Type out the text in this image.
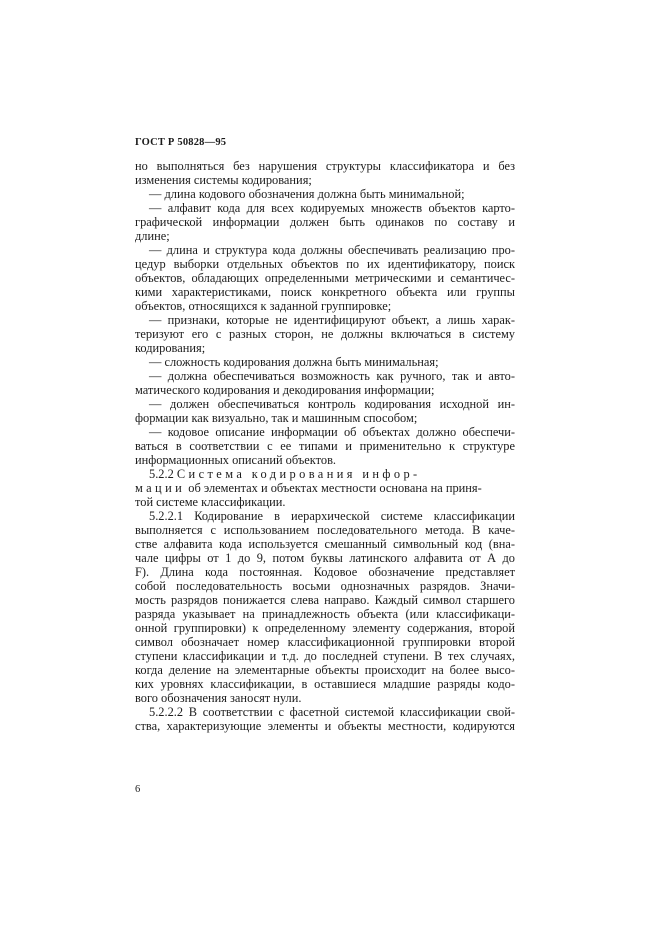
ГОСТ Р 50828—95
но выполняться без нарушения структуры классификатора и без
изменения системы кодирования;
— длина кодового обозначения должна быть минимальной;
— алфавит кода для всех кодируемых множеств объектов карто-
графической информации должен быть одинаков по составу и
длине;
— длина и структура кода должны обеспечивать реализацию про-
цедур выборки отдельных объектов по их идентификатору, поиск
объектов, обладающих определенными метрическими и семантичес-
кими характеристиками, поиск конкретного объекта или группы
объектов, относящихся к заданной группировке;
— признаки, которые не идентифицируют объект, а лишь харак-
теризуют его с разных сторон, не должны включаться в систему
кодирования;
— сложность кодирования должна быть минимальная;
— должна обеспечиваться возможность как ручного, так и авто-
матического кодирования и декодирования информации;
— должен обеспечиваться контроль кодирования исходной ин-
формации как визуально, так и машинным способом;
— кодовое описание информации об объектах должно обеспечи-
ваться в соответствии с ее типами и применительно к структуре
информационных описаний объектов.
5.2.2 Система кодирования инфор-
мации об элементах и объектах местности основана на приня-
той системе классификации.
5.2.2.1 Кодирование в иерархической системе классификации
выполняется с использованием последовательного метода. В каче-
стве алфавита кода используется смешанный символьный код (вна-
чале цифры от 1 до 9, потом буквы латинского алфавита от А до
F). Длина кода постоянная. Кодовое обозначение представляет
собой последовательность восьми однозначных разрядов. Значи-
мость разрядов понижается слева направо. Каждый символ старшего
разряда указывает на принадлежность объекта (или классификаци-
онной группировки) к определенному элементу содержания, второй
символ обозначает номер классификационной группировки второй
ступени классификации и т.д. до последней ступени. В тех случаях,
когда деление на элементарные объекты происходит на более высо-
ких уровнях классификации, в оставшиеся младшие разряды кодо-
вого обозначения заносят нули.
5.2.2.2 В соответствии с фасетной системой классификации свой-
ства, характеризующие элементы и объекты местности, кодируются
6
